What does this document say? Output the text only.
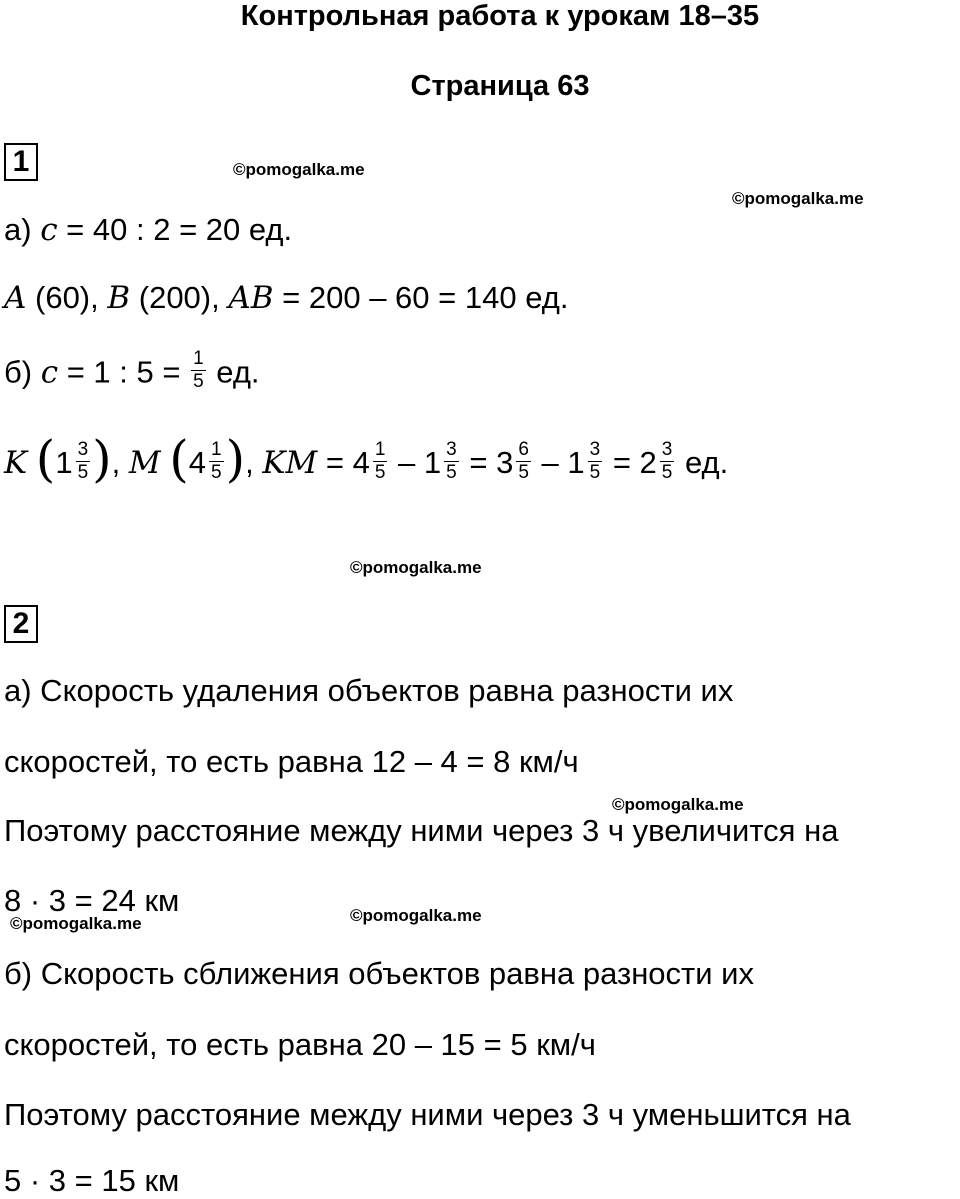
Контрольная работа к урокам 18–35
Страница 63
1	©pomogalka.me
©pomogalka.me
а) c = 40 : 2 = 20 ед.
A (60), B (200), AB = 200 – 60 = 140 ед.
б) c = 1 : $5 = \frac{1}{5}$ ед.
K ($1 \frac{3}{5}$ ), M ($4 \frac{1}{5}$ ), KM = $4 \frac{1}{5} - 1 \frac{3}{5} = 3 \frac{6}{5} - 1 \frac{3}{5} = 2 \frac{3}{5}$ ед.
©pomogalka.me
2
а) Скорость удаления объектов равна разности их
скоростей, то есть равна 12 – 4 = 8 км/ч
©pomogalka.me
Поэтому расстояние между ними через 3 ч увеличится на
8 · 3 = 24 км
©pomogalka.me	©pomogalka.me
б) Скорость сближения объектов равна разности их
скоростей, то есть равна 20 – 15 = 5 км/ч
Поэтому расстояние между ними через 3 ч уменьшится на
5 · 3 = 15 км
